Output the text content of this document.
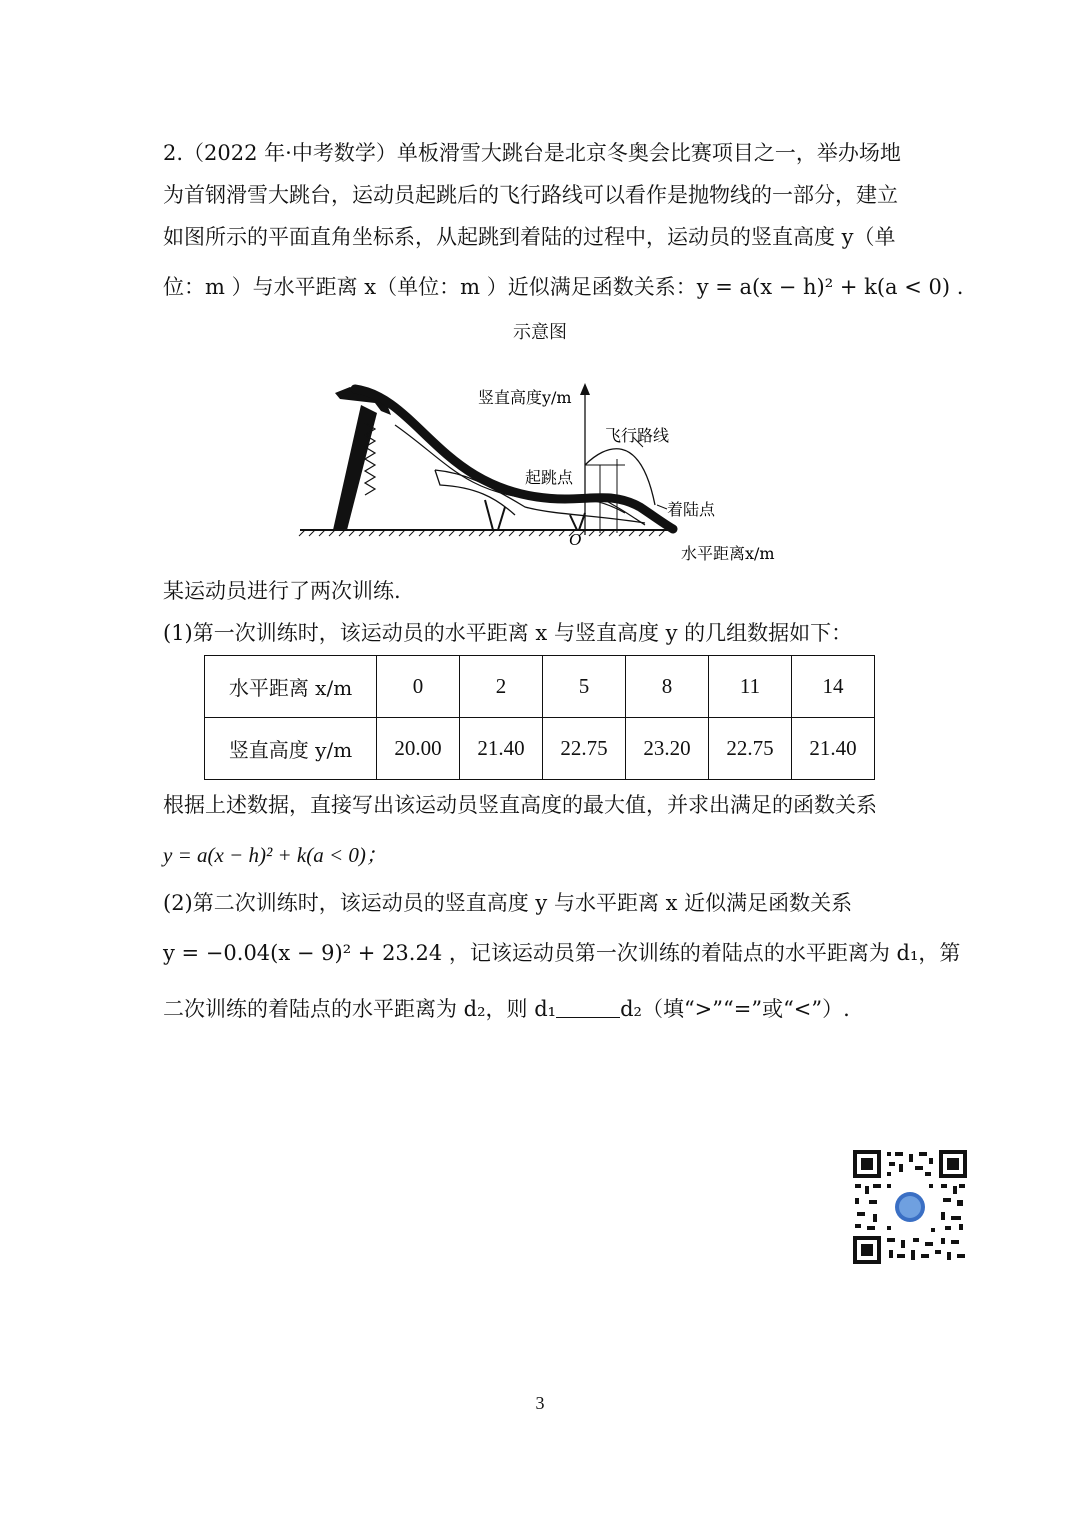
2.（2022 年·中考数学）单板滑雪大跳台是北京冬奥会比赛项目之一，举办场地
为首钢滑雪大跳台，运动员起跳后的飞行路线可以看作是抛物线的一部分，建立
如图所示的平面直角坐标系，从起跳到着陆的过程中，运动员的竖直高度 y（单
位：m ）与水平距离 x（单位：m ）近似满足函数关系：y = a(x − h)² + k(a < 0) .
示意图
竖直高度y/m
飞行路线
起跳点
着陆点
O
水平距离x/m
某运动员进行了两次训练.
(1)第一次训练时，该运动员的水平距离 x 与竖直高度 y 的几组数据如下：
水平距离 x/m	0	2	5	8	11	14
竖直高度 y/m	20.00	21.40	22.75	23.20	22.75	21.40
根据上述数据，直接写出该运动员竖直高度的最大值，并求出满足的函数关系
y = a(x − h)² + k(a < 0)；
(2)第二次训练时，该运动员的竖直高度 y 与水平距离 x 近似满足函数关系
y = −0.04(x − 9)² + 23.24 ，记该运动员第一次训练的着陆点的水平距离为 d₁，第
二次训练的着陆点的水平距离为 d₂，则 d₁	d₂（填“>”“=”或“<”）.
3
